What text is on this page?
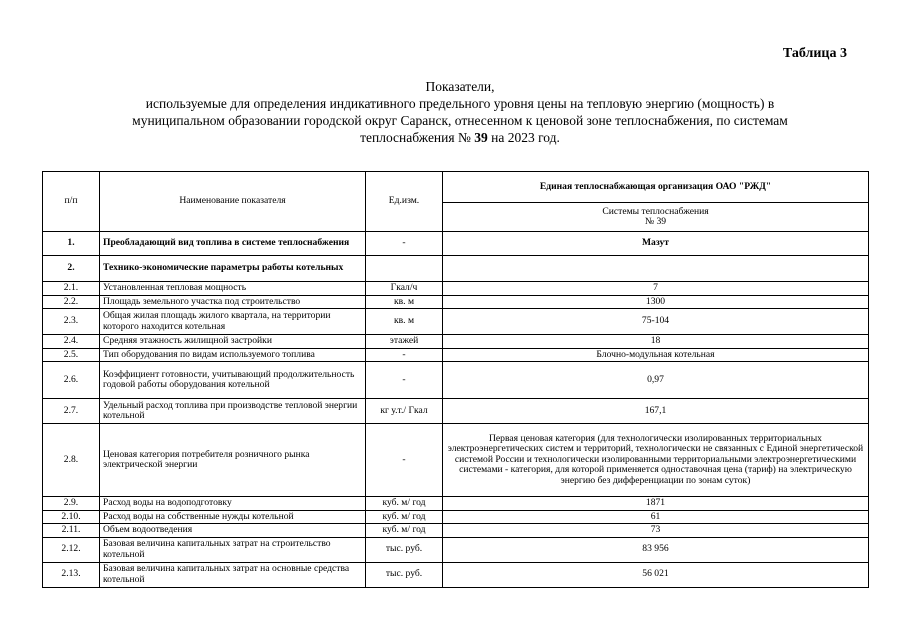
Таблица 3
Показатели,
используемые для определения индикативного предельного уровня цены на тепловую энергию (мощность) в
муниципальном образовании городской округ Саранск, отнесенном к ценовой зоне теплоснабжения, по системам
теплоснабжения № 39 на 2023 год.
п/п	Наименование показателя	Ед.изм.	Единая теплоснабжающая организация ОАО "РЖД"

			Системы теплоснабжения
№ 39

1.	Преобладающий вид топлива в системе теплоснабжения	-	Мазут
2.	Технико-экономические параметры работы котельных		
2.1.	Установленная тепловая мощность	Гкал/ч	7
2.2.	Площадь земельного участка под строительство	кв. м	1300
2.3.	Общая жилая площадь жилого квартала, на территории которого находится котельная	кв. м	75-104
2.4.	Средняя этажность жилищной застройки	этажей	18
2.5.	Тип оборудования по видам используемого топлива	-	Блочно-модульная котельная
2.6.	Коэффициент готовности, учитывающий продолжительность годовой работы оборудования котельной	-	0,97
2.7.	Удельный расход топлива при производстве тепловой энергии котельной	кг у.т./ Гкал	167,1
2.8.	Ценовая категория потребителя розничного рынка электрической энергии	-	Первая ценовая категория (для технологически изолированных территориальных электроэнергетических систем и территорий, технологически не связанных с Единой энергетической системой России и технологически изолированными территориальными электроэнергетическими системами - категория, для которой применяется одноставочная цена (тариф) на электрическую энергию без дифференциации по зонам суток)
2.9.	Расход воды на водоподготовку	куб. м/ год	1871
2.10.	Расход воды на собственные нужды котельной	куб. м/ год	61
2.11.	Объем водоотведения	куб. м/ год	73
2.12.	Базовая величина капитальных затрат на строительство котельной	тыс. руб.	83 956
2.13.	Базовая величина капитальных затрат на основные средства котельной	тыс. руб.	56 021
